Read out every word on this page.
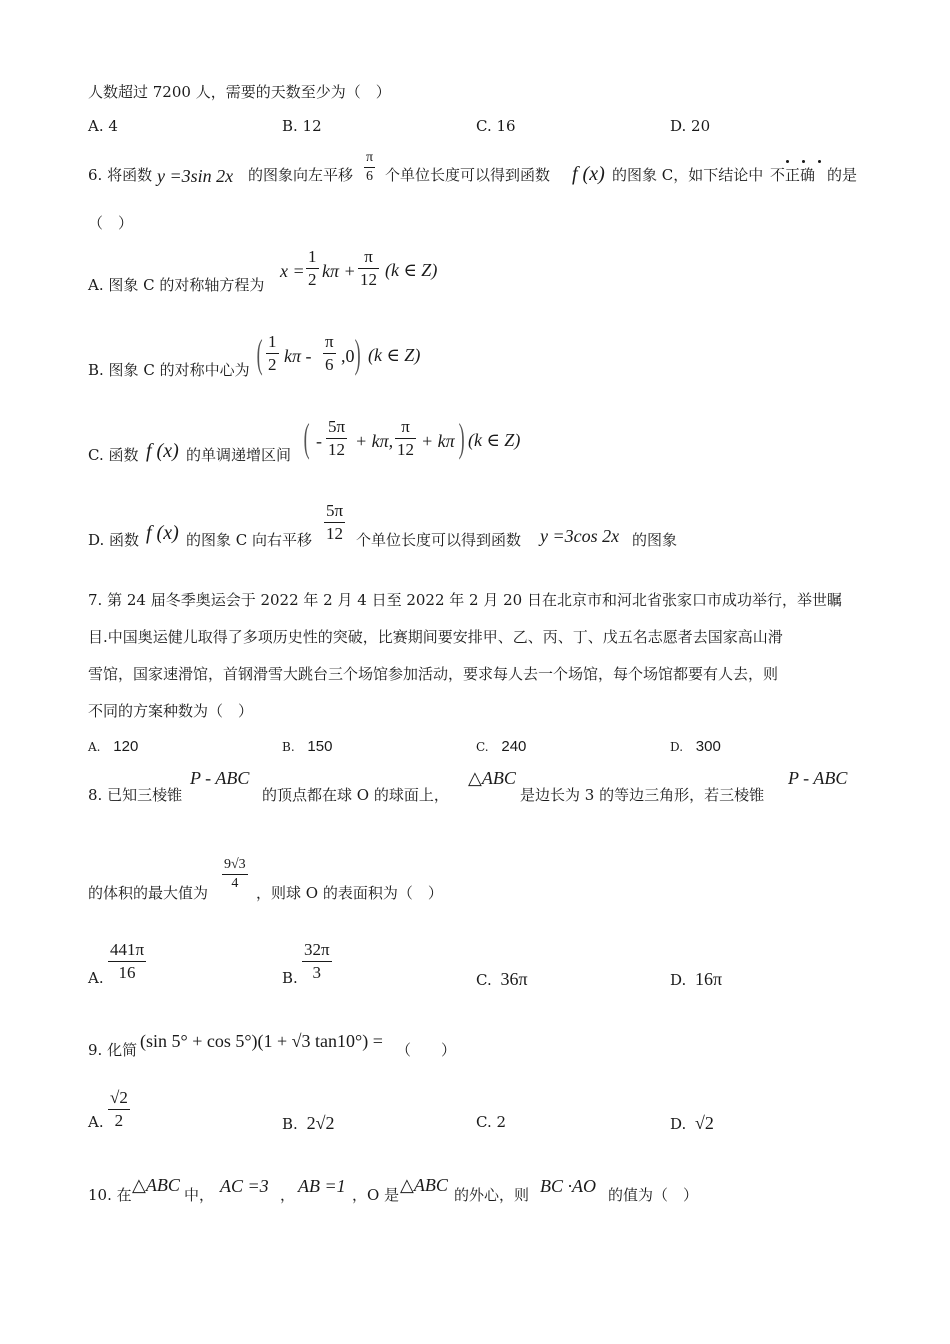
人数超过 7200 人，需要的天数至少为（　）
A. 4	B. 12	C. 16	D. 20
6. 将函数 y =3sin 2x 的图象向左平移
π
6 个单位长度可以得到函数 f (x) 的图象 C，如下结论中 不正确 的是
（　）
A. 图象 C 的对称轴方程为
x =
1
2 kπ +
π
12 (k ∈ Z)
B. 图象 C 的对称中心为 ( 1
2 kπ -
π
6 ,0 ) (k ∈ Z)
C. 函数 f (x) 的单调递增区间 ( -
5π
12 + kπ,
π
12 + kπ ) (k ∈ Z)
D. 函数 f (x) 的图象 C 向右平移
5π
12 个单位长度可以得到函数 y =3cos 2x 的图象
7. 第 24 届冬季奥运会于 2022 年 2 月 4 日至 2022 年 2 月 20 日在北京市和河北省张家口市成功举行，举世瞩
目.中国奥运健儿取得了多项历史性的突破，比赛期间要安排甲、乙、丙、丁、戊五名志愿者去国家高山滑
雪馆，国家速滑馆，首钢滑雪大跳台三个场馆参加活动，要求每人去一个场馆，每个场馆都要有人去，则
不同的方案种数为（　）
A. 120	B. 150	C. 240	D. 300
8. 已知三棱锥
P - ABC
的顶点都在球 O 的球面上，
△ABC
是边长为 3 的等边三角形，若三棱锥
P - ABC
的体积的最大值为
9√3
4
，则球 O 的表面积为（　）
A.
441π
16	B.
32π
3	C. 36π	D. 16π
9. 化简 (sin 5° + cos 5°)(1 + √3 tan10°) = （　　）
A.
√2
2	B. 2√2	C. 2	D. √2
10. 在 △ABC 中， AC =3 ， AB =1 ，O 是 △ABC 的外心，则 BC ·AO 的值为（　）
